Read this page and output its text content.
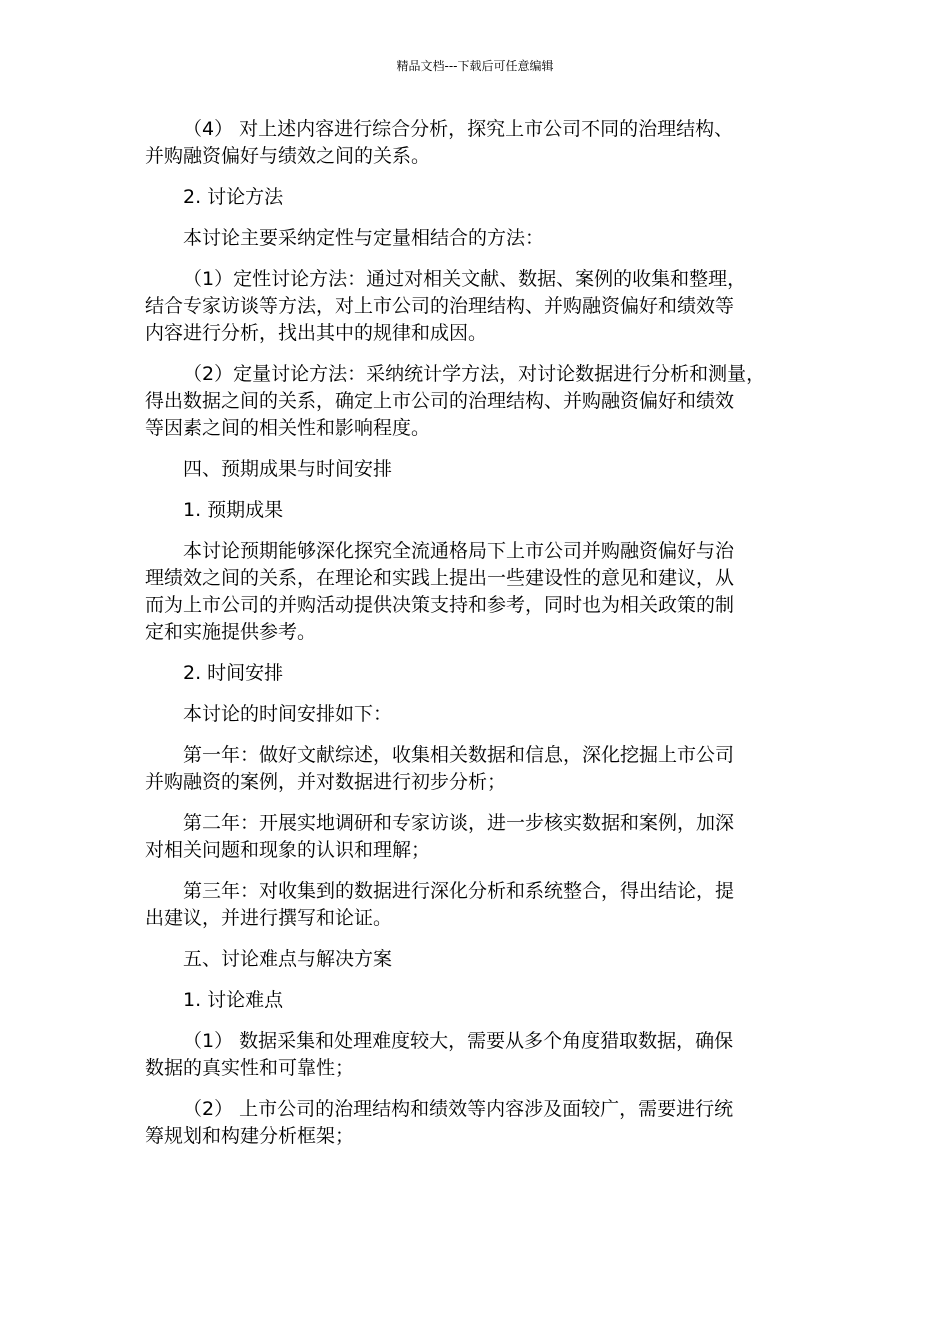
精品文档---下载后可任意编辑

（4） 对上述内容进行综合分析，探究上市公司不同的治理结构、
并购融资偏好与绩效之间的关系。

2. 讨论方法

本讨论主要采纳定性与定量相结合的方法：

（1）定性讨论方法：通过对相关文献、数据、案例的收集和整理，
结合专家访谈等方法，对上市公司的治理结构、并购融资偏好和绩效等
内容进行分析，找出其中的规律和成因。

（2）定量讨论方法：采纳统计学方法，对讨论数据进行分析和测量，
得出数据之间的关系，确定上市公司的治理结构、并购融资偏好和绩效
等因素之间的相关性和影响程度。

四、预期成果与时间安排

1. 预期成果

本讨论预期能够深化探究全流通格局下上市公司并购融资偏好与治
理绩效之间的关系，在理论和实践上提出一些建设性的意见和建议，从
而为上市公司的并购活动提供决策支持和参考，同时也为相关政策的制
定和实施提供参考。

2. 时间安排

本讨论的时间安排如下：

第一年：做好文献综述，收集相关数据和信息，深化挖掘上市公司
并购融资的案例，并对数据进行初步分析；

第二年：开展实地调研和专家访谈，进一步核实数据和案例，加深
对相关问题和现象的认识和理解；

第三年：对收集到的数据进行深化分析和系统整合，得出结论，提
出建议，并进行撰写和论证。

五、讨论难点与解决方案

1. 讨论难点

（1） 数据采集和处理难度较大，需要从多个角度猎取数据，确保
数据的真实性和可靠性；

（2） 上市公司的治理结构和绩效等内容涉及面较广，需要进行统
筹规划和构建分析框架；
